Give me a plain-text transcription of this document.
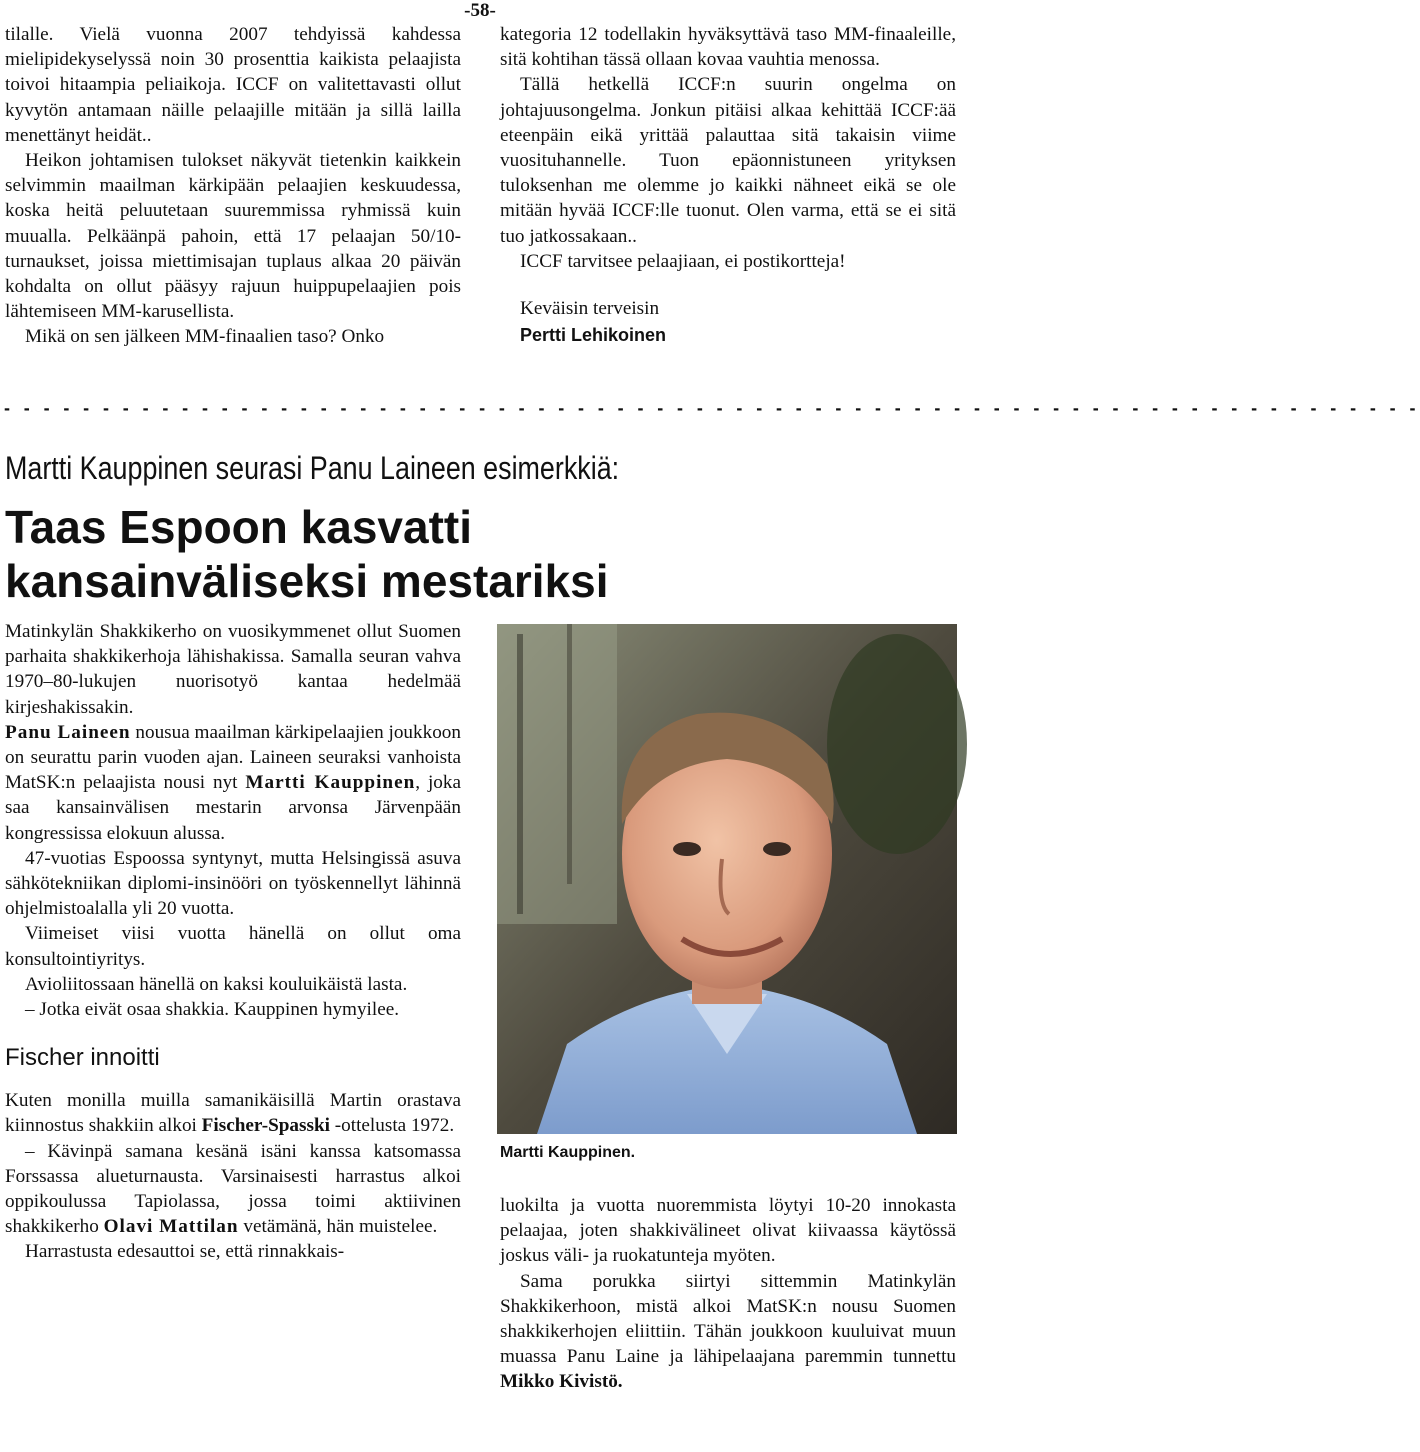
-58-

tilalle. Vielä vuonna 2007 tehdyissä kahdessa mielipidekyselyssä noin 30 prosenttia kaikista pelaajista toivoi hitaampia peliaikoja. ICCF on valitettavasti ollut kyvytön antamaan näille pelaajille mitään ja sillä lailla menettänyt heidät..

Heikon johtamisen tulokset näkyvät tietenkin kaikkein selvimmin maailman kärkipään pelaajien keskuudessa, koska heitä peluutetaan suuremmissa ryhmissä kuin muualla. Pelkäänpä pahoin, että 17 pelaajan 50/10-turnaukset, joissa miettimisajan tuplaus alkaa 20 päivän kohdalta on ollut pääsyy rajuun huippupelaajien pois lähtemiseen MM-karusellista.

Mikä on sen jälkeen MM-finaalien taso? Onko

kategoria 12 todellakin hyväksyttävä taso MM-finaaleille, sitä kohtihan tässä ollaan kovaa vauhtia menossa.

Tällä hetkellä ICCF:n suurin ongelma on johtajuusongelma. Jonkun pitäisi alkaa kehittää ICCF:ää eteenpäin eikä yrittää palauttaa sitä takaisin viime vuosituhannelle. Tuon epäonnistuneen yrityksen tuloksenhan me olemme jo kaikki nähneet eikä se ole mitään hyvää ICCF:lle tuonut. Olen varma, että se ei sitä tuo jatkossakaan..

ICCF tarvitsee pelaajiaan, ei postikortteja!

Keväisin terveisin

Pertti Lehikoinen
- - - - - - - - - - - - - - - - - - - - - - - - - - - - - - - - - - - - - - - - - - - - - - - - - - - - - - - - - - - - - - - - - - - - - - - -
Martti Kauppinen seurasi Panu Laineen esimerkkiä:
Taas Espoon kasvatti
kansainväliseksi mestariksi

Matinkylän Shakkikerho on vuosikymmenet ollut Suomen parhaita shakkikerhoja lähishakissa. Samalla seuran vahva 1970–80-lukujen nuorisotyö kantaa hedelmää kirjeshakissakin.

Panu Laineen nousua maailman kärkipelaajien joukkoon on seurattu parin vuoden ajan. Laineen seuraksi vanhoista MatSK:n pelaajista nousi nyt Martti Kauppinen, joka saa kansainvälisen mestarin arvonsa Järvenpään kongressissa elokuun alussa.

47-vuotias Espoossa syntynyt, mutta Helsingissä asuva sähkötekniikan diplomi-insinööri on työskennellyt lähinnä ohjelmistoalalla yli 20 vuotta.

Viimeiset viisi vuotta hänellä on ollut oma konsultointiyritys.

Avioliitossaan hänellä on kaksi kouluikäistä lasta.

– Jotka eivät osaa shakkia. Kauppinen hymyilee.

Fischer innoitti

Kuten monilla muilla samanikäisillä Martin orastava kiinnostus shakkiin alkoi Fischer-Spasski -ottelusta 1972.

– Kävinpä samana kesänä isäni kanssa katsomassa Forssassa alueturnausta. Varsinaisesti harrastus alkoi oppikoulussa Tapiolassa, jossa toimi aktiivinen shakkikerho Olavi Mattilan vetämänä, hän muistelee.

Harrastusta edesauttoi se, että rinnakkais-

Martti Kauppinen.

luokilta ja vuotta nuoremmista löytyi 10-20 innokasta pelaajaa, joten shakkivälineet olivat kiivaassa käytössä joskus väli- ja ruokatunteja myöten.

Sama porukka siirtyi sittemmin Matinkylän Shakkikerhoon, mistä alkoi MatSK:n nousu Suomen shakkikerhojen eliittiin. Tähän joukkoon kuuluivat muun muassa Panu Laine ja lähipelaajana paremmin tunnettu Mikko Kivistö.
